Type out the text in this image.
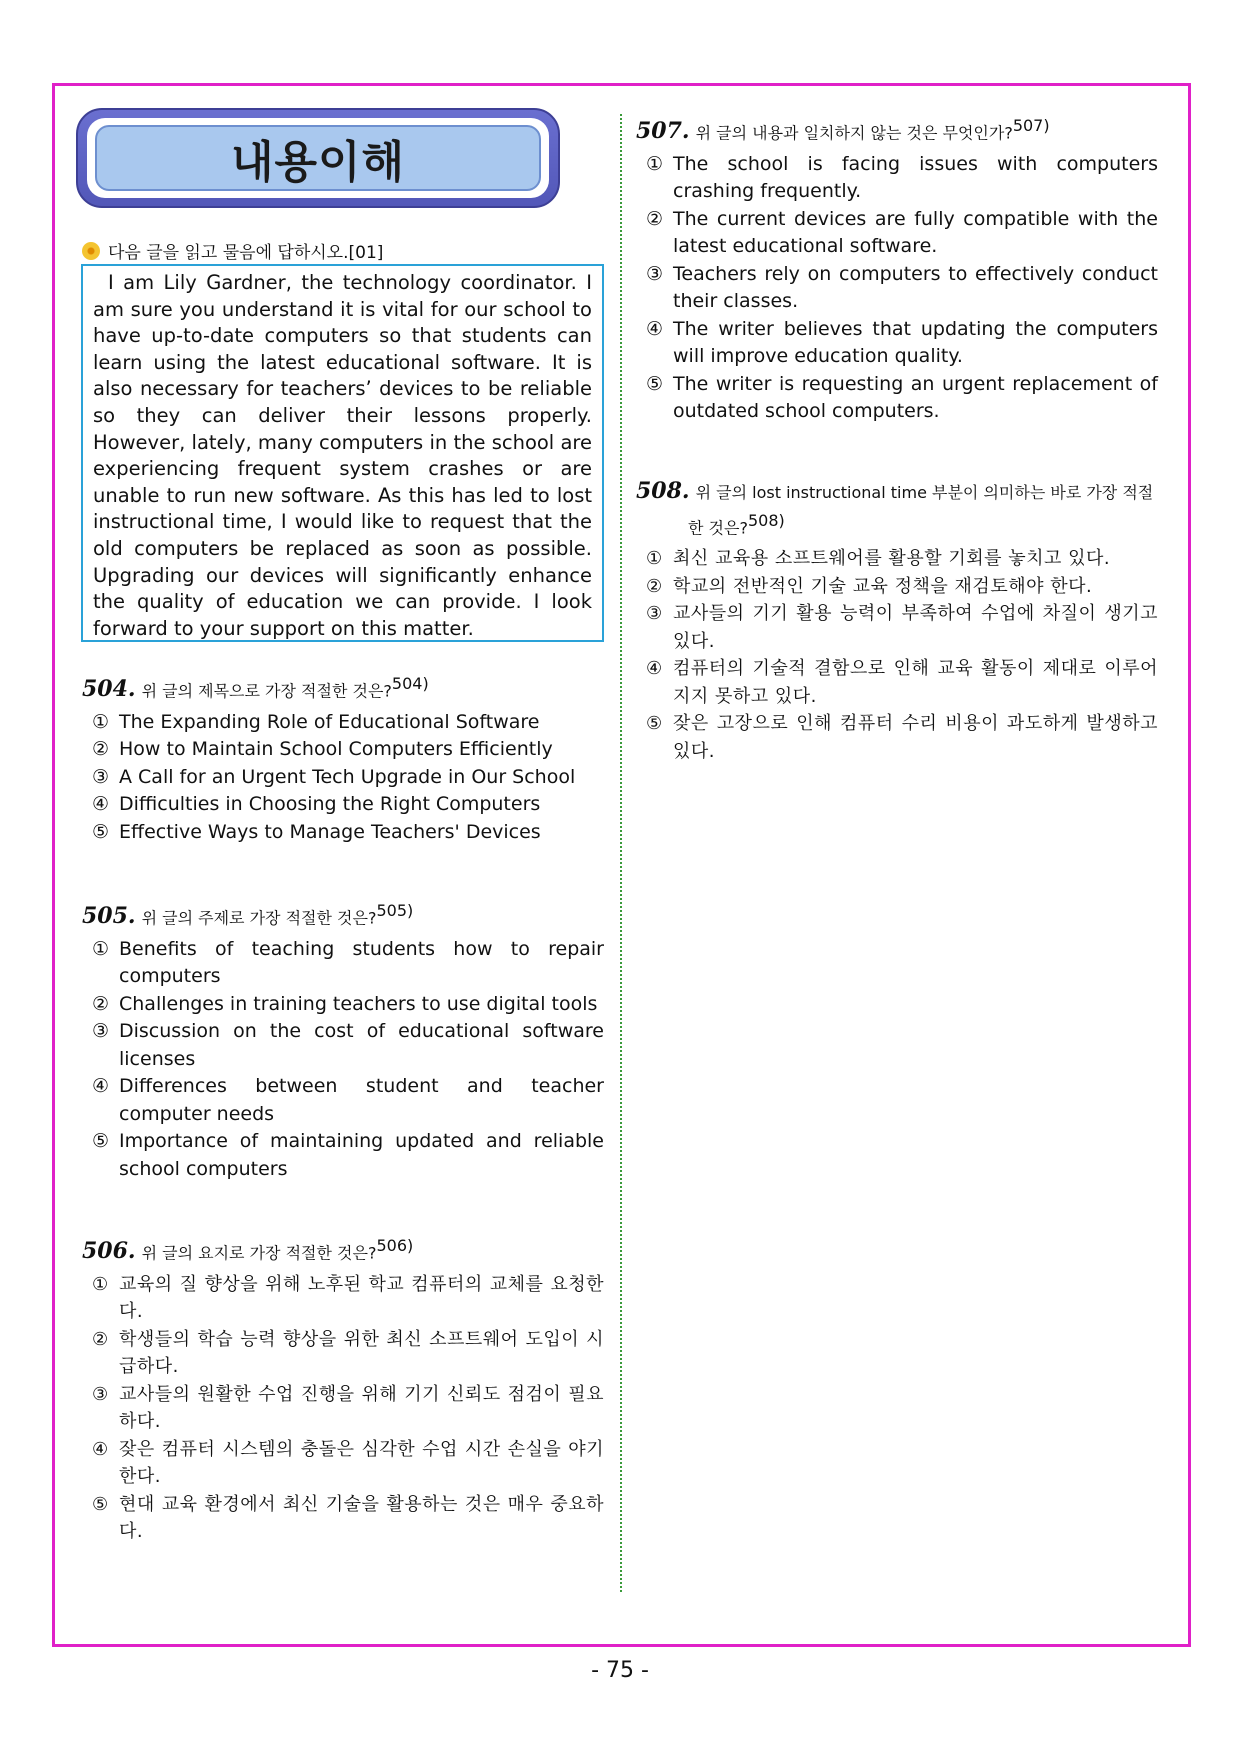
내용이해
다음 글을 읽고 물음에 답하시오.[01]
I am Lily Gardner, the technology coordinator. I am sure you understand it is vital for our school to have up-to-date computers so that students can learn using the latest educational software. It is also necessary for teachers’ devices to be reliable so they can deliver their lessons properly. However, lately, many computers in the school are experiencing frequent system crashes or are unable to run new software. As this has led to lost instructional time, I would like to request that the old computers be replaced as soon as possible. Upgrading our devices will significantly enhance the quality of education we can provide. I look forward to your support on this matter.
504. 위 글의 제목으로 가장 적절한 것은?$^{504)}$
① The Expanding Role of Educational Software
② How to Maintain School Computers Efficiently
③ A Call for an Urgent Tech Upgrade in Our School
④ Difficulties in Choosing the Right Computers
⑤ Effective Ways to Manage Teachers' Devices
505. 위 글의 주제로 가장 적절한 것은?$^{505)}$
① Benefits of teaching students how to repair computers
② Challenges in training teachers to use digital tools
③ Discussion on the cost of educational software licenses
④ Differences between student and teacher computer needs
⑤ Importance of maintaining updated and reliable school computers
506. 위 글의 요지로 가장 적절한 것은?$^{506)}$
① 교육의 질 향상을 위해 노후된 학교 컴퓨터의 교체를 요청한다.
② 학생들의 학습 능력 향상을 위한 최신 소프트웨어 도입이 시급하다.
③ 교사들의 원활한 수업 진행을 위해 기기 신뢰도 점검이 필요하다.
④ 잦은 컴퓨터 시스템의 충돌은 심각한 수업 시간 손실을 야기한다.
⑤ 현대 교육 환경에서 최신 기술을 활용하는 것은 매우 중요하다.
507. 위 글의 내용과 일치하지 않는 것은 무엇인가?$^{507)}$
① The school is facing issues with computers crashing frequently.
② The current devices are fully compatible with the latest educational software.
③ Teachers rely on computers to effectively conduct their classes.
④ The writer believes that updating the computers will improve education quality.
⑤ The writer is requesting an urgent replacement of outdated school computers.
508. 위 글의 lost instructional time 부분이 의미하는 바로 가장 적절한 것은?$^{508)}$
① 최신 교육용 소프트웨어를 활용할 기회를 놓치고 있다.
② 학교의 전반적인 기술 교육 정책을 재검토해야 한다.
③ 교사들의 기기 활용 능력이 부족하여 수업에 차질이 생기고 있다.
④ 컴퓨터의 기술적 결함으로 인해 교육 활동이 제대로 이루어지지 못하고 있다.
⑤ 잦은 고장으로 인해 컴퓨터 수리 비용이 과도하게 발생하고 있다.
- 75 -
